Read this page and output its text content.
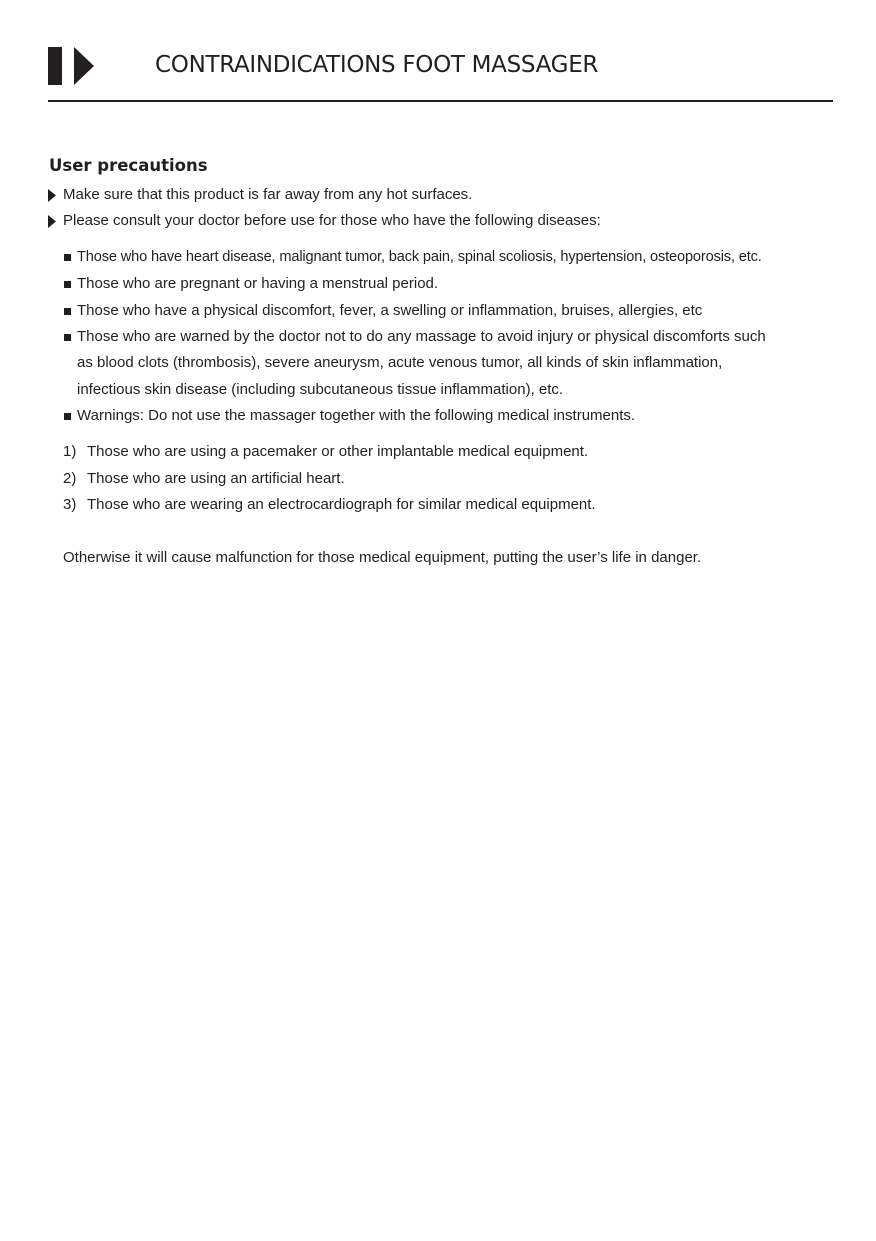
CONTRAINDICATIONS FOOT MASSAGER
User precautions
Make sure that this product is far away from any hot surfaces.
Please consult your doctor before use for those who have the following diseases:
Those who have heart disease, malignant tumor, back pain, spinal scoliosis, hypertension, osteoporosis, etc.
Those who are pregnant or having a menstrual period.
Those who have a physical discomfort, fever, a swelling or inflammation, bruises, allergies, etc
Those who are warned by the doctor not to do any massage to avoid injury or physical discomforts such
as blood clots (thrombosis), severe aneurysm, acute venous tumor, all kinds of skin inflammation,
infectious skin disease (including subcutaneous tissue inflammation), etc.
Warnings: Do not use the massager together with the following medical instruments.
1) Those who are using a pacemaker or other implantable medical equipment.
2) Those who are using an artificial heart.
3) Those who are wearing an electrocardiograph for similar medical equipment.
Otherwise it will cause malfunction for those medical equipment, putting the user’s life in danger.
